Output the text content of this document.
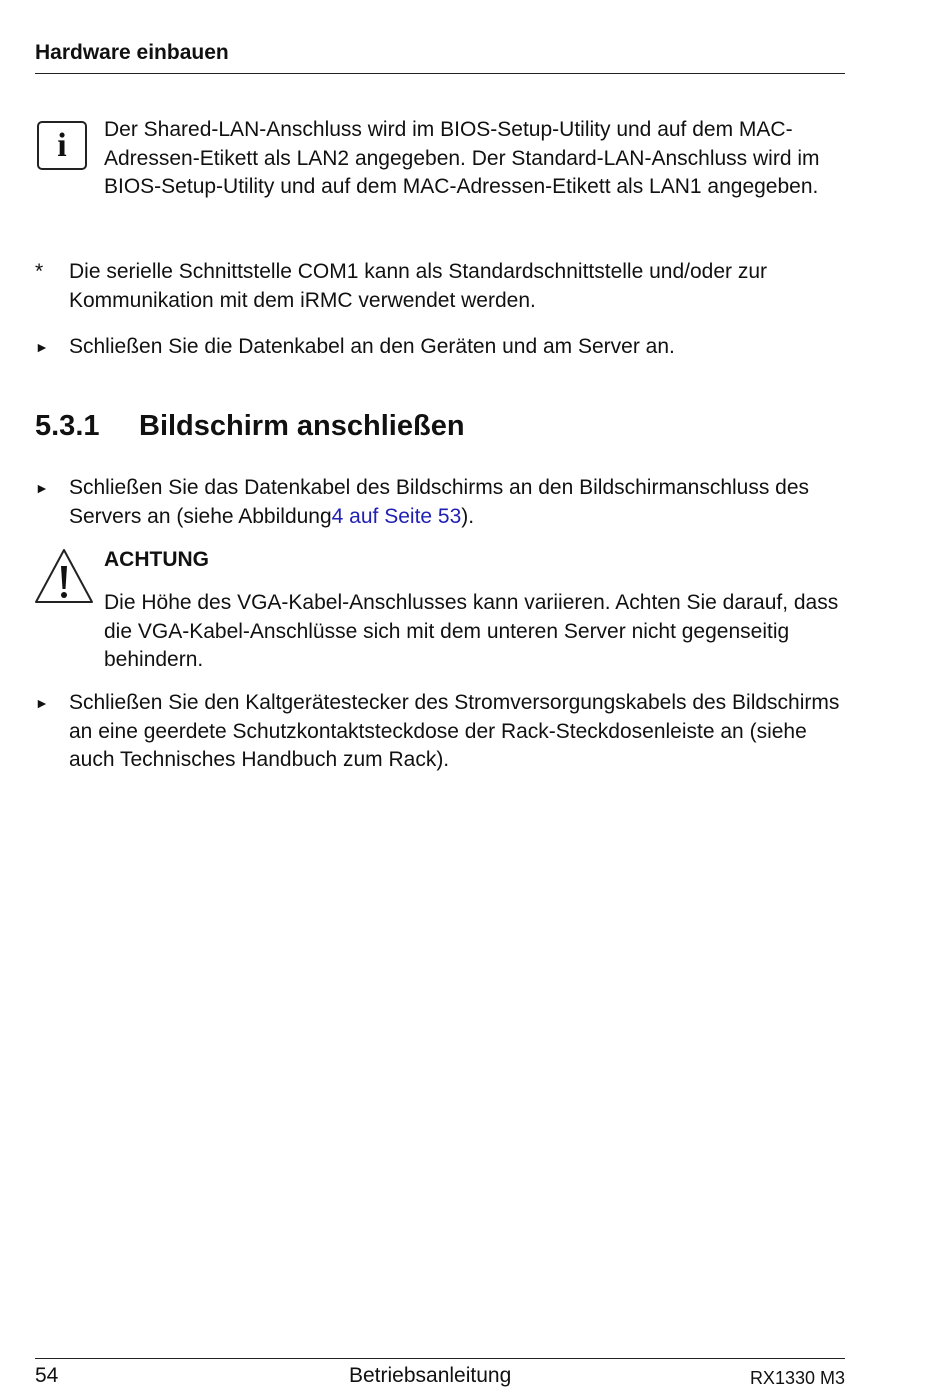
Hardware einbauen
i	Der Shared-LAN-Anschluss wird im BIOS-Setup-Utility und auf dem MAC-Adressen-Etikett als LAN2 angegeben. Der Standard-LAN-Anschluss wird im BIOS-Setup-Utility und auf dem MAC-Adressen-Etikett als LAN1 angegeben.
* Die serielle Schnittstelle COM1 kann als Standardschnittstelle und/oder zur Kommunikation mit dem iRMC verwendet werden.
► Schließen Sie die Datenkabel an den Geräten und am Server an.
5.3.1 Bildschirm anschließen
► Schließen Sie das Datenkabel des Bildschirms an den Bildschirmanschluss des Servers an (siehe Abbildung4 auf Seite 53).
ACHTUNG
Die Höhe des VGA-Kabel-Anschlusses kann variieren. Achten Sie darauf, dass die VGA-Kabel-Anschlüsse sich mit dem unteren Server nicht gegenseitig behindern.
► Schließen Sie den Kaltgerätestecker des Stromversorgungskabels des Bildschirms an eine geerdete Schutzkontaktsteckdose der Rack-Steckdosenleiste an (siehe auch Technisches Handbuch zum Rack).
54	Betriebsanleitung	RX1330 M3
